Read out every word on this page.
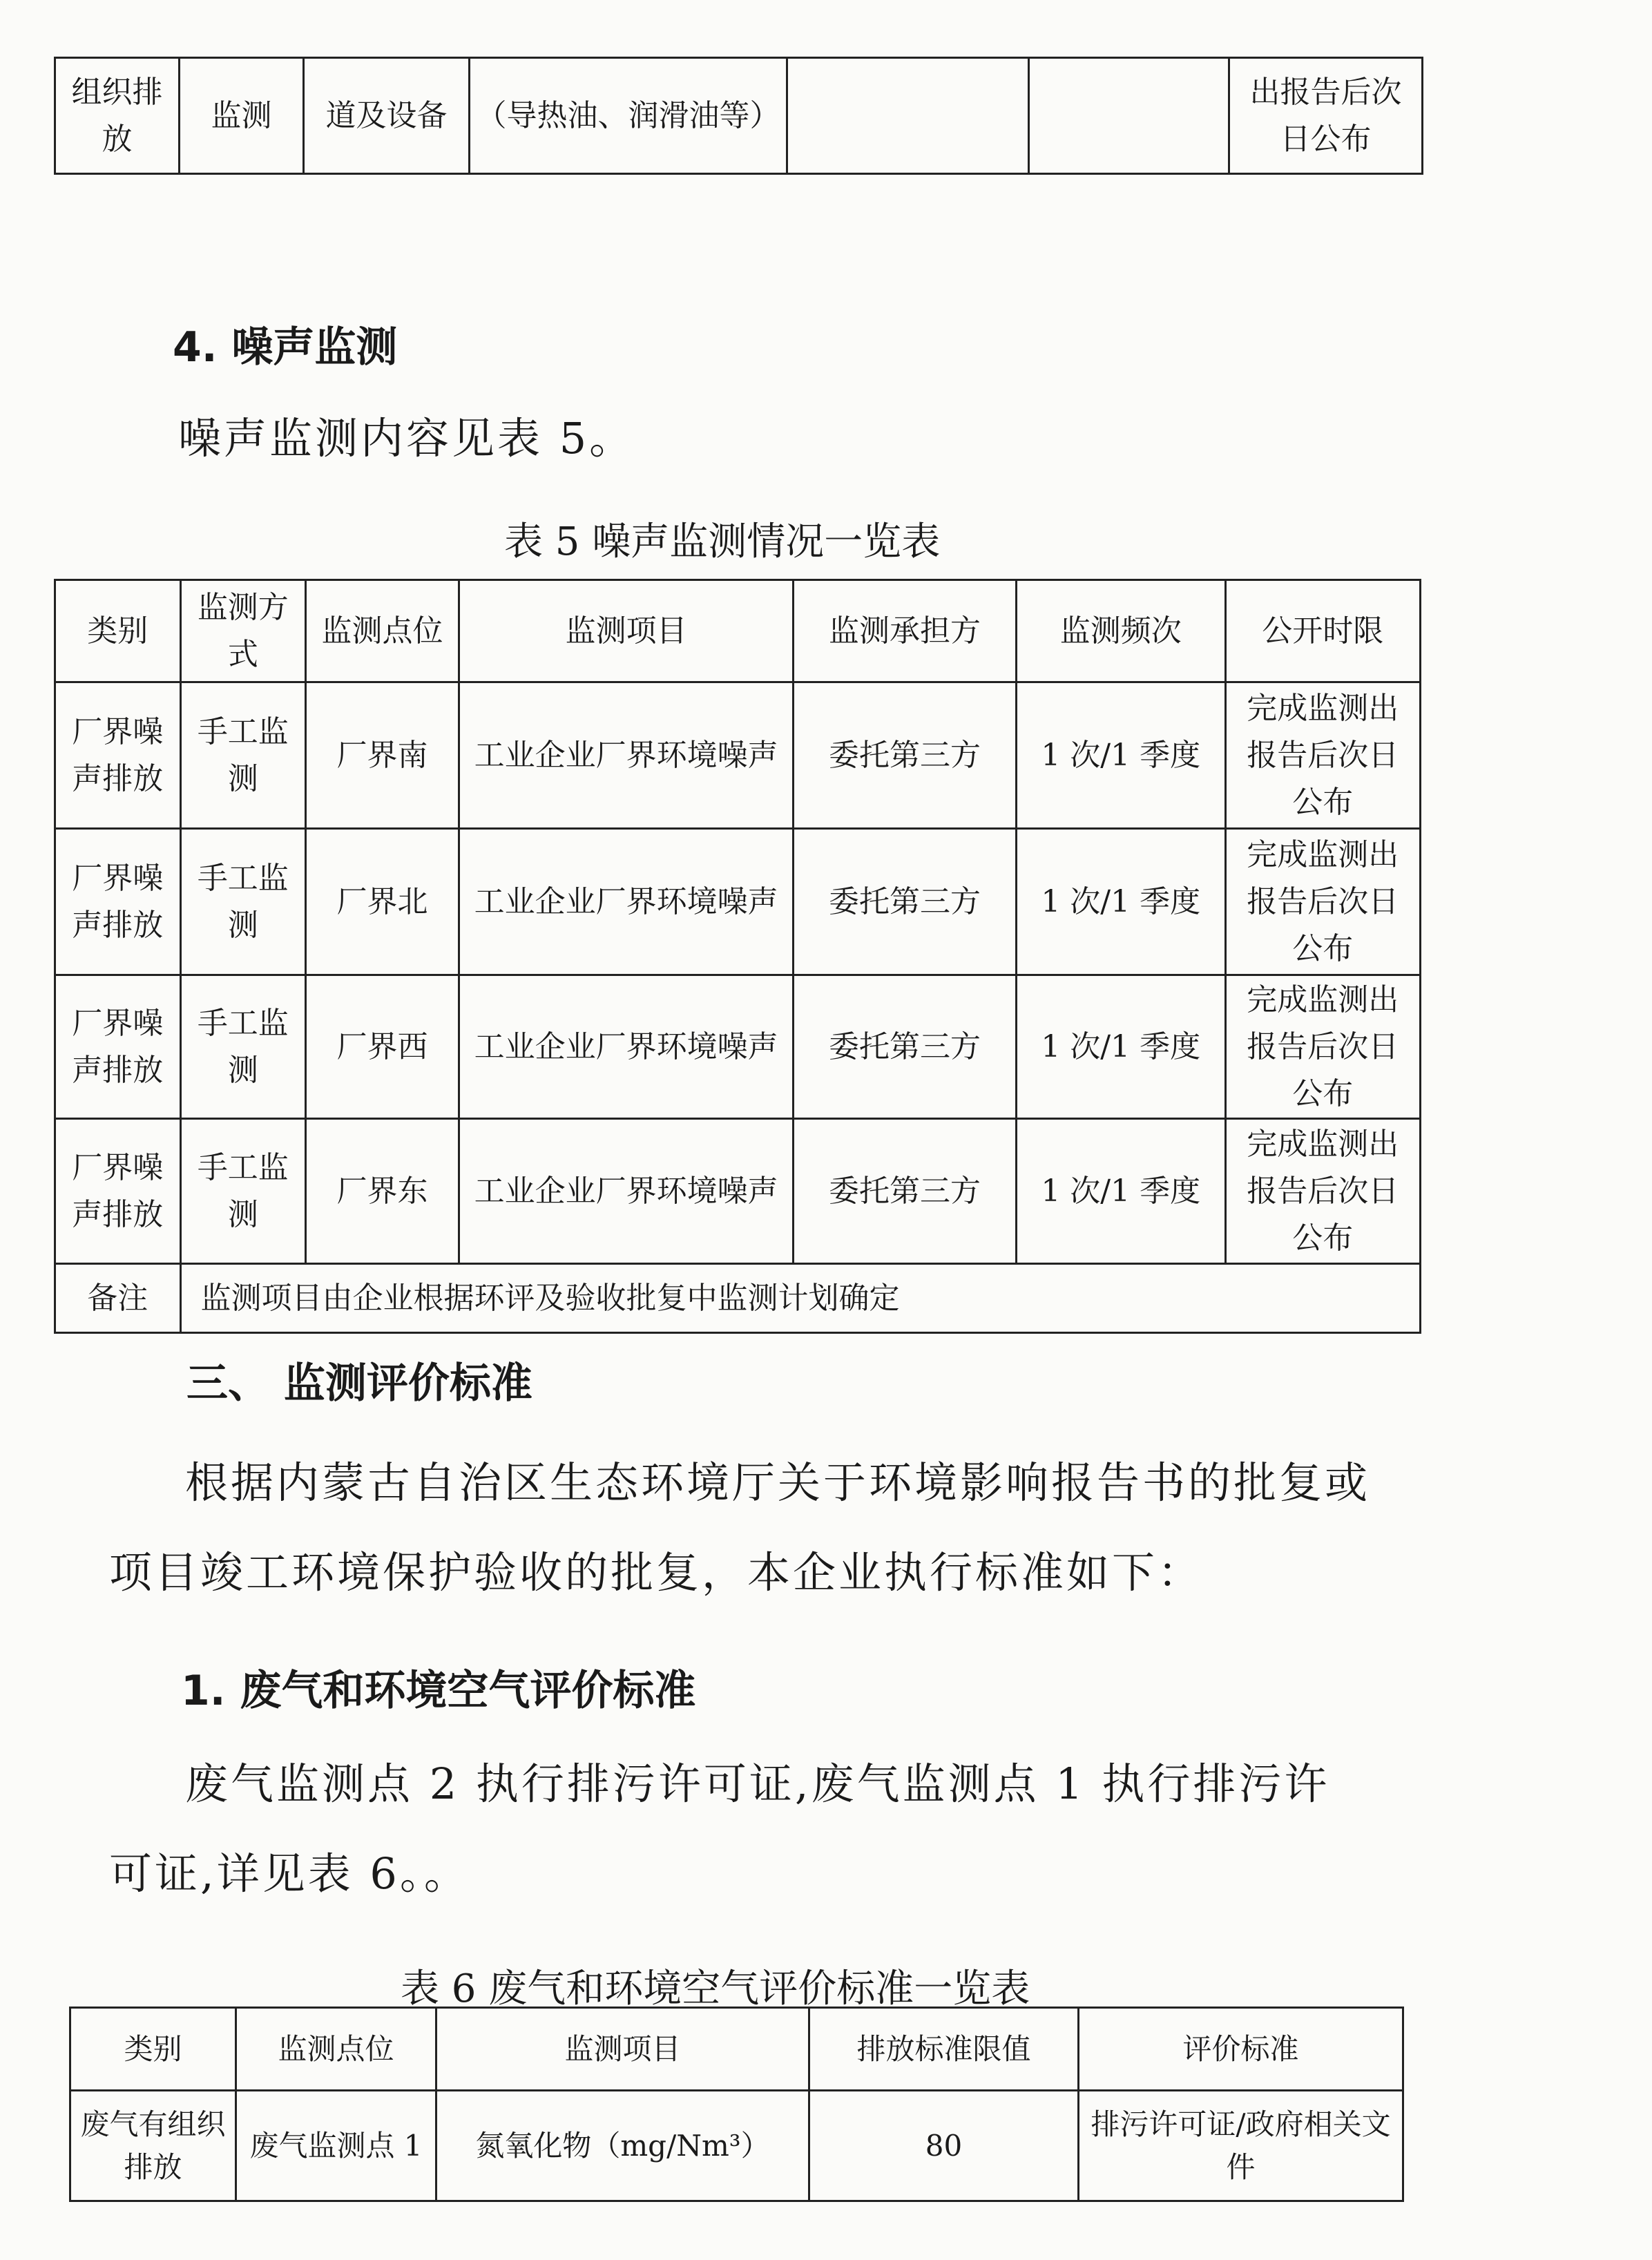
组织排放	监测	道及设备	（导热油、润滑油等）			出报告后次日公布
4. 噪声监测
噪声监测内容见表 5。
表 5 噪声监测情况一览表
类别	监测方式	监测点位	监测项目	监测承担方	监测频次	公开时限
厂界噪声排放	手工监测	厂界南	工业企业厂界环境噪声	委托第三方	1 次/1 季度	完成监测出报告后次日公布
厂界噪声排放	手工监测	厂界北	工业企业厂界环境噪声	委托第三方	1 次/1 季度	完成监测出报告后次日公布
厂界噪声排放	手工监测	厂界西	工业企业厂界环境噪声	委托第三方	1 次/1 季度	完成监测出报告后次日公布
厂界噪声排放	手工监测	厂界东	工业企业厂界环境噪声	委托第三方	1 次/1 季度	完成监测出报告后次日公布
备注	监测项目由企业根据环评及验收批复中监测计划确定					
三、 监测评价标准
根据内蒙古自治区生态环境厅关于环境影响报告书的批复或项目竣工环境保护验收的批复，本企业执行标准如下：
1. 废气和环境空气评价标准
废气监测点 2 执行排污许可证,废气监测点 1 执行排污许可证,详见表 6。。
表 6 废气和环境空气评价标准一览表
类别	监测点位	监测项目	排放标准限值	评价标准
废气有组织排放	废气监测点 1	氮氧化物（mg/Nm³）	80	排污许可证/政府相关文件
